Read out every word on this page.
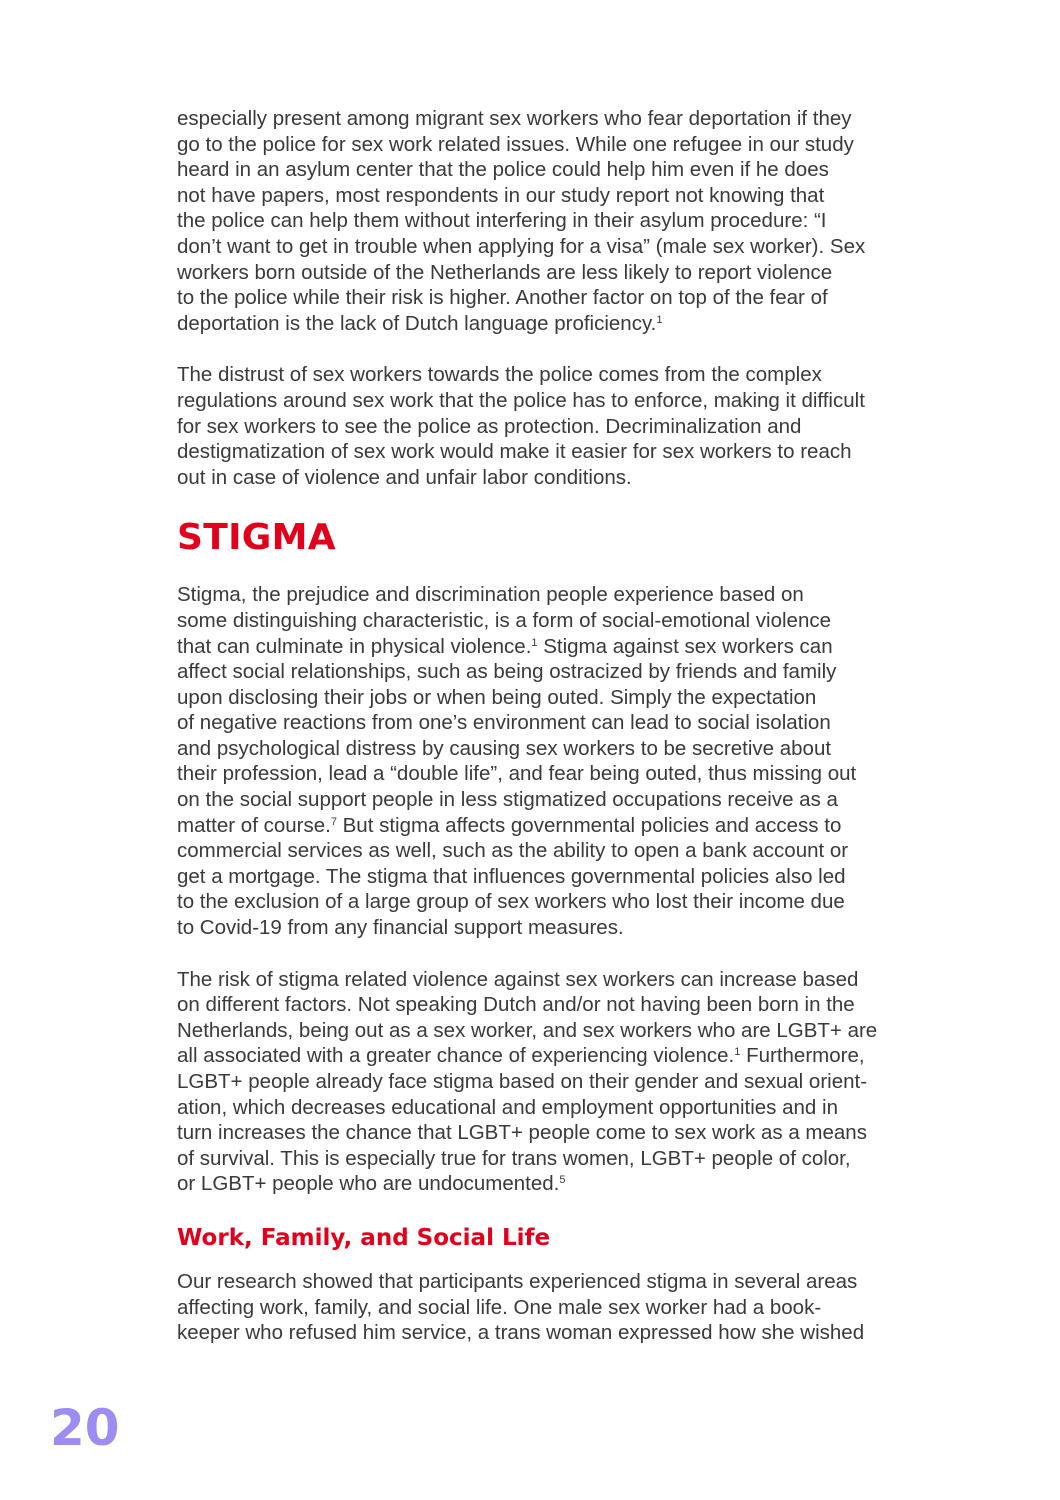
especially present among migrant sex workers who fear deportation if they
go to the police for sex work related issues. While one refugee in our study
heard in an asylum center that the police could help him even if he does
not have papers, most respondents in our study report not knowing that
the police can help them without interfering in their asylum procedure: “I
don’t want to get in trouble when applying for a visa” (male sex worker). Sex
workers born outside of the Netherlands are less likely to report violence
to the police while their risk is higher. Another factor on top of the fear of
deportation is the lack of Dutch language proficiency.$^1$

The distrust of sex workers towards the police comes from the complex
regulations around sex work that the police has to enforce, making it difficult
for sex workers to see the police as protection. Decriminalization and
destigmatization of sex work would make it easier for sex workers to reach
out in case of violence and unfair labor conditions.

STIGMA

Stigma, the prejudice and discrimination people experience based on
some distinguishing characteristic, is a form of social-emotional violence
that can culminate in physical violence.$^1$ Stigma against sex workers can
affect social relationships, such as being ostracized by friends and family
upon disclosing their jobs or when being outed. Simply the expectation
of negative reactions from one’s environment can lead to social isolation
and psychological distress by causing sex workers to be secretive about
their profession, lead a “double life”, and fear being outed, thus missing out
on the social support people in less stigmatized occupations receive as a
matter of course.$^7$ But stigma affects governmental policies and access to
commercial services as well, such as the ability to open a bank account or
get a mortgage. The stigma that influences governmental policies also led
to the exclusion of a large group of sex workers who lost their income due
to Covid-19 from any financial support measures.

The risk of stigma related violence against sex workers can increase based
on different factors. Not speaking Dutch and/or not having been born in the
Netherlands, being out as a sex worker, and sex workers who are LGBT+ are
all associated with a greater chance of experiencing violence.$^1$ Furthermore,
LGBT+ people already face stigma based on their gender and sexual orient-
ation, which decreases educational and employment opportunities and in
turn increases the chance that LGBT+ people come to sex work as a means
of survival. This is especially true for trans women, LGBT+ people of color,
or LGBT+ people who are undocumented.$^5$

Work, Family, and Social Life

Our research showed that participants experienced stigma in several areas
affecting work, family, and social life. One male sex worker had a book-
keeper who refused him service, a trans woman expressed how she wished

20
